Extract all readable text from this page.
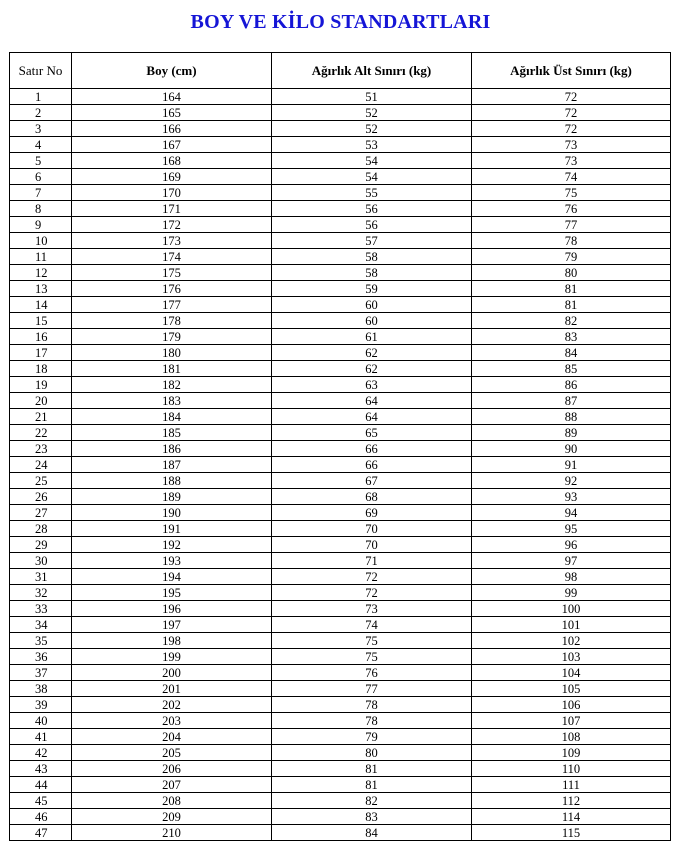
BOY VE KİLO STANDARTLARI
Satır No	Boy (cm)	Ağırlık Alt Sınırı (kg)	Ağırlık Üst Sınırı (kg)
1	164	51	72
2	165	52	72
3	166	52	72
4	167	53	73
5	168	54	73
6	169	54	74
7	170	55	75
8	171	56	76
9	172	56	77
10	173	57	78
11	174	58	79
12	175	58	80
13	176	59	81
14	177	60	81
15	178	60	82
16	179	61	83
17	180	62	84
18	181	62	85
19	182	63	86
20	183	64	87
21	184	64	88
22	185	65	89
23	186	66	90
24	187	66	91
25	188	67	92
26	189	68	93
27	190	69	94
28	191	70	95
29	192	70	96
30	193	71	97
31	194	72	98
32	195	72	99
33	196	73	100
34	197	74	101
35	198	75	102
36	199	75	103
37	200	76	104
38	201	77	105
39	202	78	106
40	203	78	107
41	204	79	108
42	205	80	109
43	206	81	110
44	207	81	111
45	208	82	112
46	209	83	114
47	210	84	115
